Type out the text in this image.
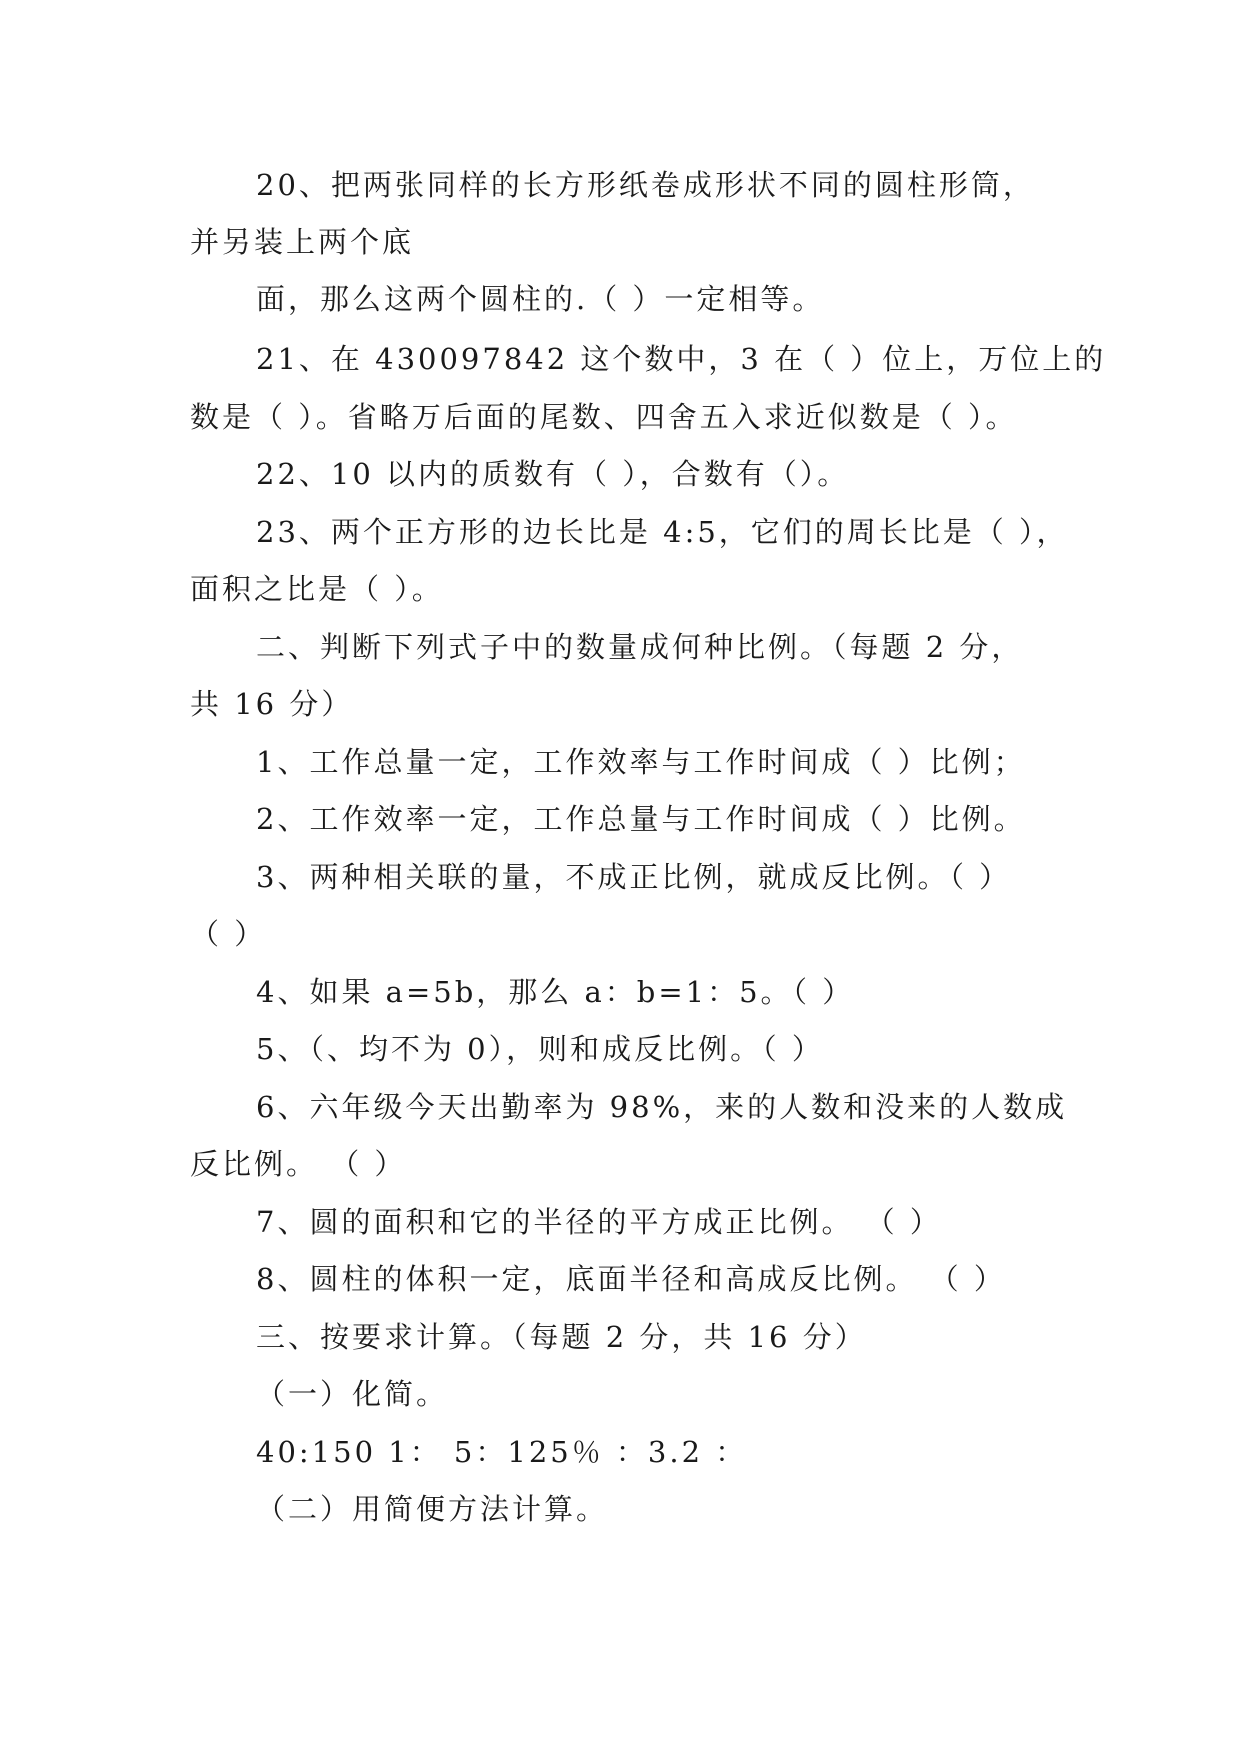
20、把两张同样的长方形纸卷成形状不同的圆柱形筒，
并另装上两个底
面，那么这两个圆柱的.（ ）一定相等。
21、在 430097842 这个数中，3 在（ ）位上，万位上的
数是（ ）。省略万后面的尾数、四舍五入求近似数是（ ）。
22、10 以内的质数有（ ），合数有（）。
23、两个正方形的边长比是 4:5，它们的周长比是（ ），
面积之比是（ ）。
二、判断下列式子中的数量成何种比例。（每题 2 分，
共 16 分）
1、工作总量一定，工作效率与工作时间成（ ）比例；
2、工作效率一定，工作总量与工作时间成（ ）比例。
3、两种相关联的量，不成正比例，就成反比例。（ ）
（ ）
4、如果 a=5b，那么 a：b=1：5。（ ）
5、（、均不为 0），则和成反比例。（ ）
6、六年级今天出勤率为 98%，来的人数和没来的人数成
反比例。 （ ）
7、圆的面积和它的半径的平方成正比例。 （ ）
8、圆柱的体积一定，底面半径和高成反比例。 （ ）
三、按要求计算。（每题 2 分，共 16 分）
（一）化简。
40:150 1： 5：125％ ：3.2 ：
（二）用简便方法计算。
